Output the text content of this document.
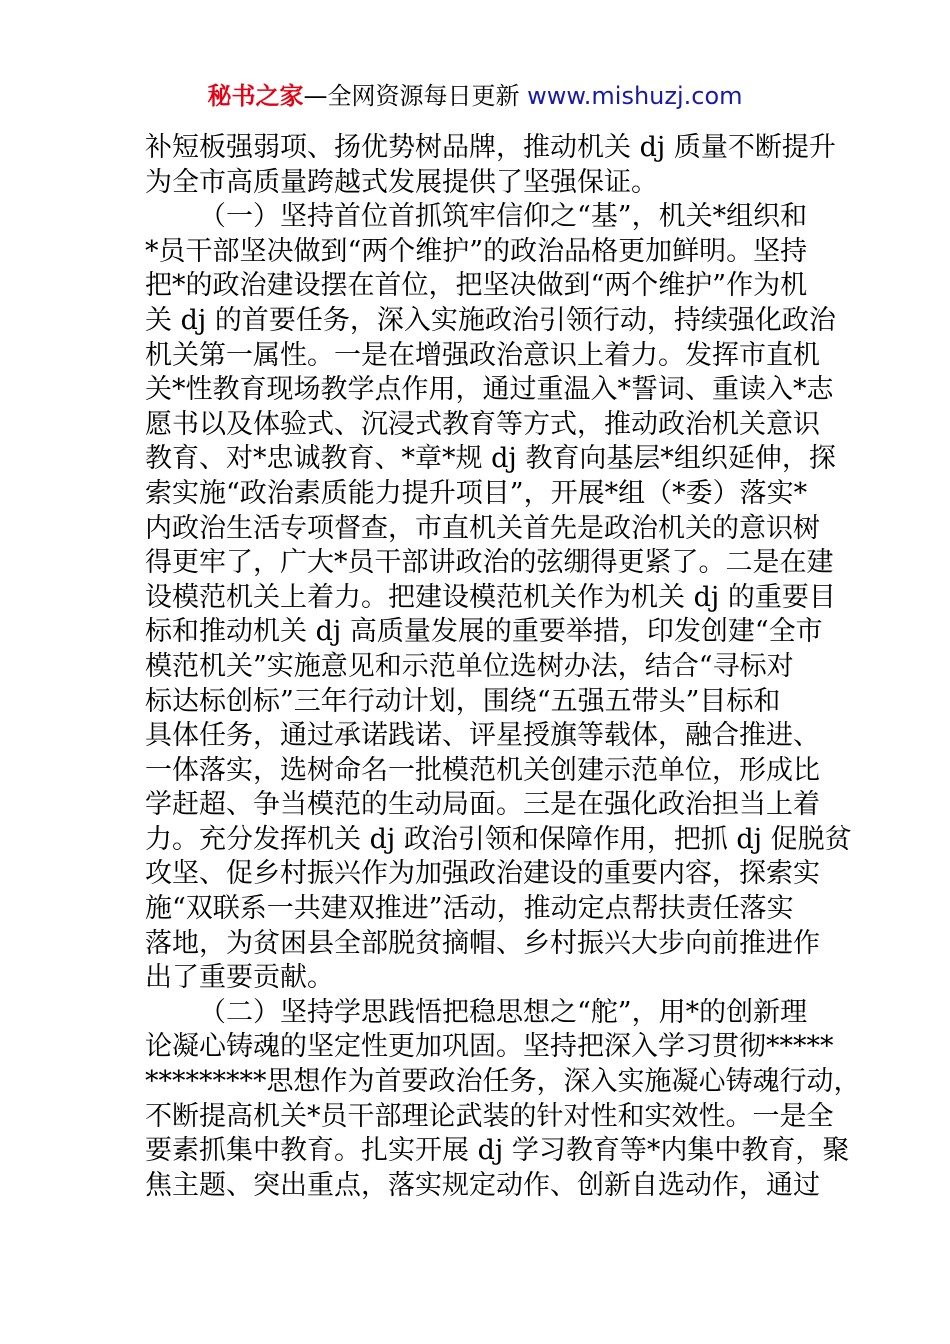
秘书之家—全网资源每日更新 www.mishuzj.com
补短板强弱项、扬优势树品牌，推动机关 dj 质量不断提升
为全市高质量跨越式发展提供了坚强保证。
（一）坚持首位首抓筑牢信仰之“基”，机关*组织和
*员干部坚决做到“两个维护”的政治品格更加鲜明。坚持
把*的政治建设摆在首位，把坚决做到“两个维护”作为机
关 dj 的首要任务，深入实施政治引领行动，持续强化政治
机关第一属性。一是在增强政治意识上着力。发挥市直机
关*性教育现场教学点作用，通过重温入*誓词、重读入*志
愿书以及体验式、沉浸式教育等方式，推动政治机关意识
教育、对*忠诚教育、*章*规 dj 教育向基层*组织延伸，探
索实施“政治素质能力提升项目”，开展*组（*委）落实*
内政治生活专项督查，市直机关首先是政治机关的意识树
得更牢了，广大*员干部讲政治的弦绷得更紧了。二是在建
设模范机关上着力。把建设模范机关作为机关 dj 的重要目
标和推动机关 dj 高质量发展的重要举措，印发创建“全市
模范机关”实施意见和示范单位选树办法，结合“寻标对
标达标创标”三年行动计划，围绕“五强五带头”目标和
具体任务，通过承诺践诺、评星授旗等载体，融合推进、
一体落实，选树命名一批模范机关创建示范单位，形成比
学赶超、争当模范的生动局面。三是在强化政治担当上着
力。充分发挥机关 dj 政治引领和保障作用，把抓 dj 促脱贫
攻坚、促乡村振兴作为加强政治建设的重要内容，探索实
施“双联系一共建双推进”活动，推动定点帮扶责任落实
落地，为贫困县全部脱贫摘帽、乡村振兴大步向前推进作
出了重要贡献。
（二）坚持学思践悟把稳思想之“舵”，用*的创新理
论凝心铸魂的坚定性更加巩固。坚持把深入学习贯彻*****
*********思想作为首要政治任务，深入实施凝心铸魂行动，
不断提高机关*员干部理论武装的针对性和实效性。一是全
要素抓集中教育。扎实开展 dj 学习教育等*内集中教育，聚
焦主题、突出重点，落实规定动作、创新自选动作，通过
